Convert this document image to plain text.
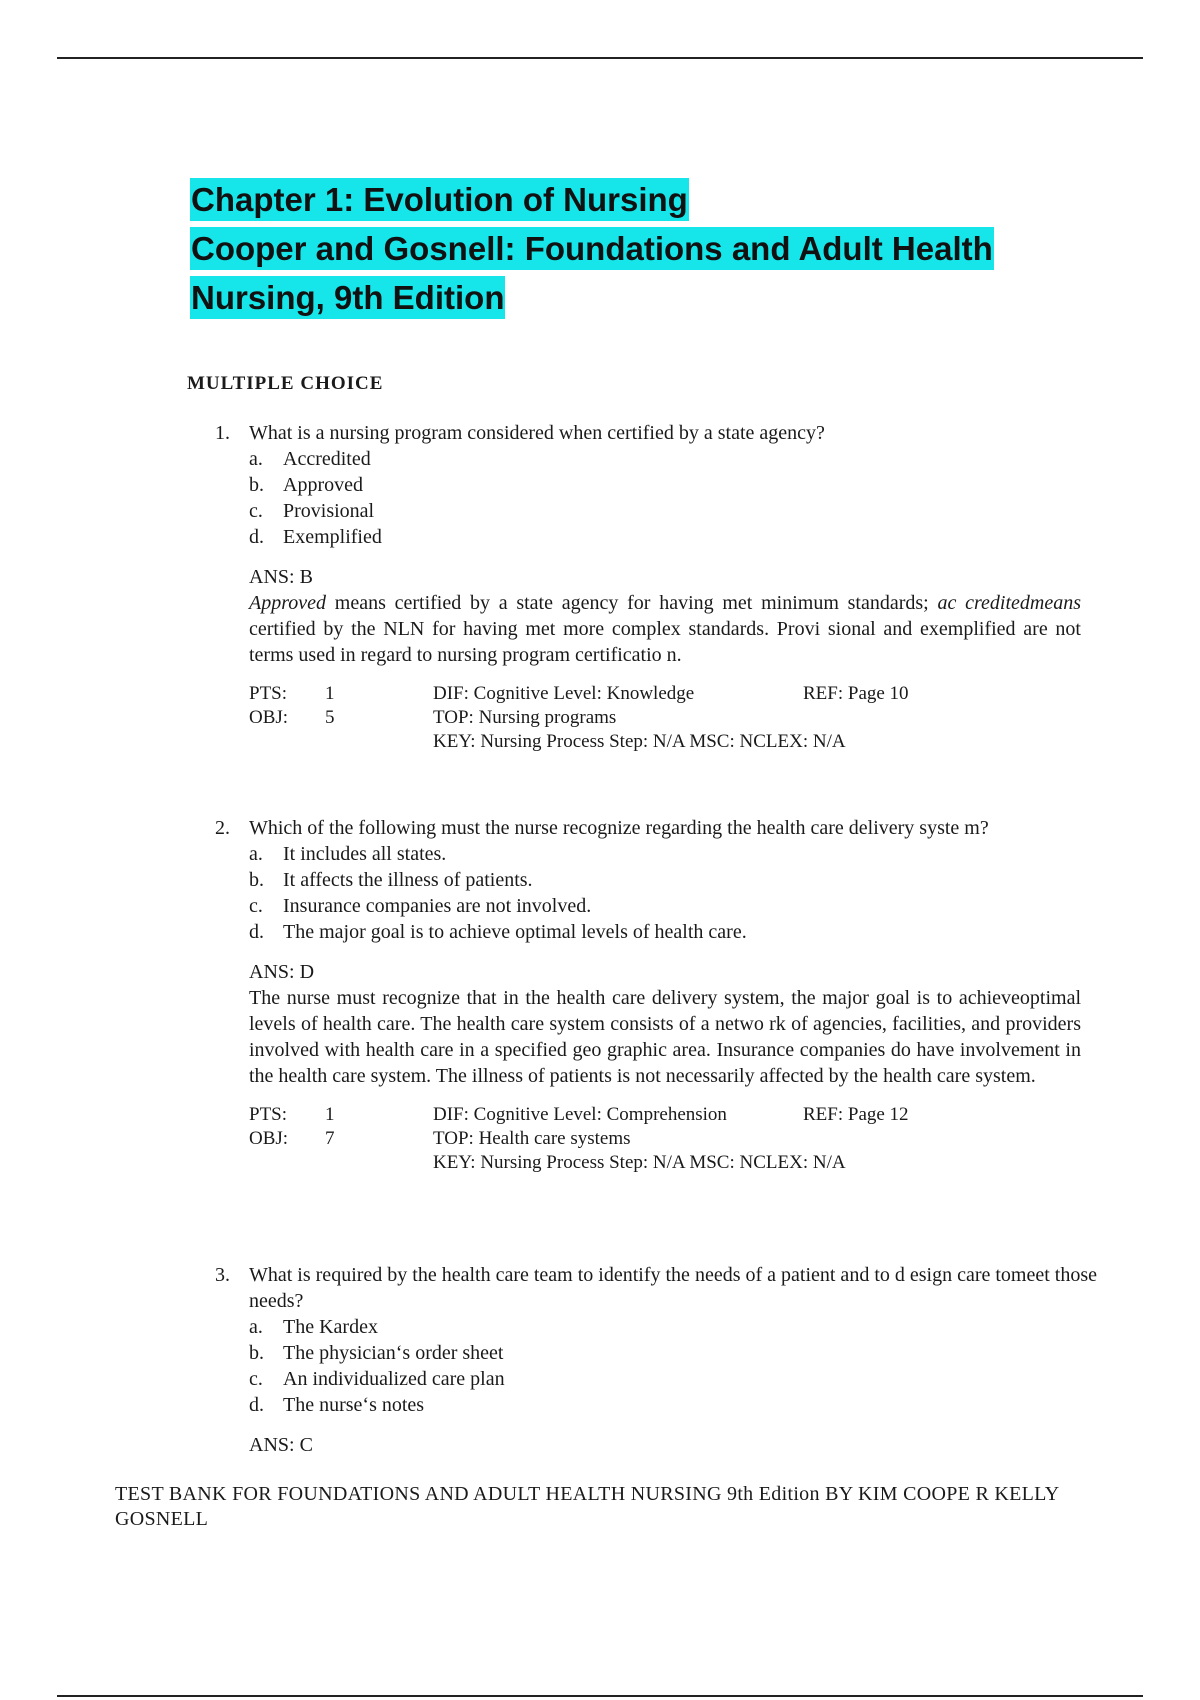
Chapter 1: Evolution of Nursing

Cooper and Gosnell: Foundations and Adult Health

Nursing, 9th Edition

MULTIPLE CHOICE
1. What is a nursing program considered when certified by a state agency?
a.	Accredited
b. Approved
c.	Provisional
d. Exemplified
ANS: B
Approved means certified by a state agency for having met minimum standards; ac creditedmeans certified by the NLN for having met more complex standards. Provi sional and exemplified are not terms used in regard to nursing program certificatio n.
PTS:	1	DIF: Cognitive Level: Knowledge	REF: Page 10
OBJ:	5	TOP: Nursing programs
KEY: Nursing Process Step: N/A MSC: NCLEX: N/A
2. Which of the following must the nurse recognize regarding the health care delivery syste m?
a.	It includes all states.
b. It affects the illness of patients.
c.	Insurance companies are not involved.
d. The major goal is to achieve optimal levels of health care.
ANS: D
The nurse must recognize that in the health care delivery system, the major goal is to achieveoptimal levels of health care. The health care system consists of a netwo rk of agencies, facilities, and providers involved with health care in a specified geo graphic area. Insurance companies do have involvement in the health care system. The illness of patients is not necessarily affected by the health care system.
PTS:	1	DIF: Cognitive Level: Comprehension	REF: Page 12
OBJ:	7	TOP: Health care systems
KEY: Nursing Process Step: N/A MSC: NCLEX: N/A
3. What is required by the health care team to identify the needs of a patient and to d esign care tomeet those needs?
a.	The Kardex
b. The physician‘s order sheet
c.	An individualized care plan
d. The nurse‘s notes
ANS: C
TEST BANK FOR FOUNDATIONS AND ADULT HEALTH NURSING 9th Edition BY KIM COOPE R KELLY GOSNELL
